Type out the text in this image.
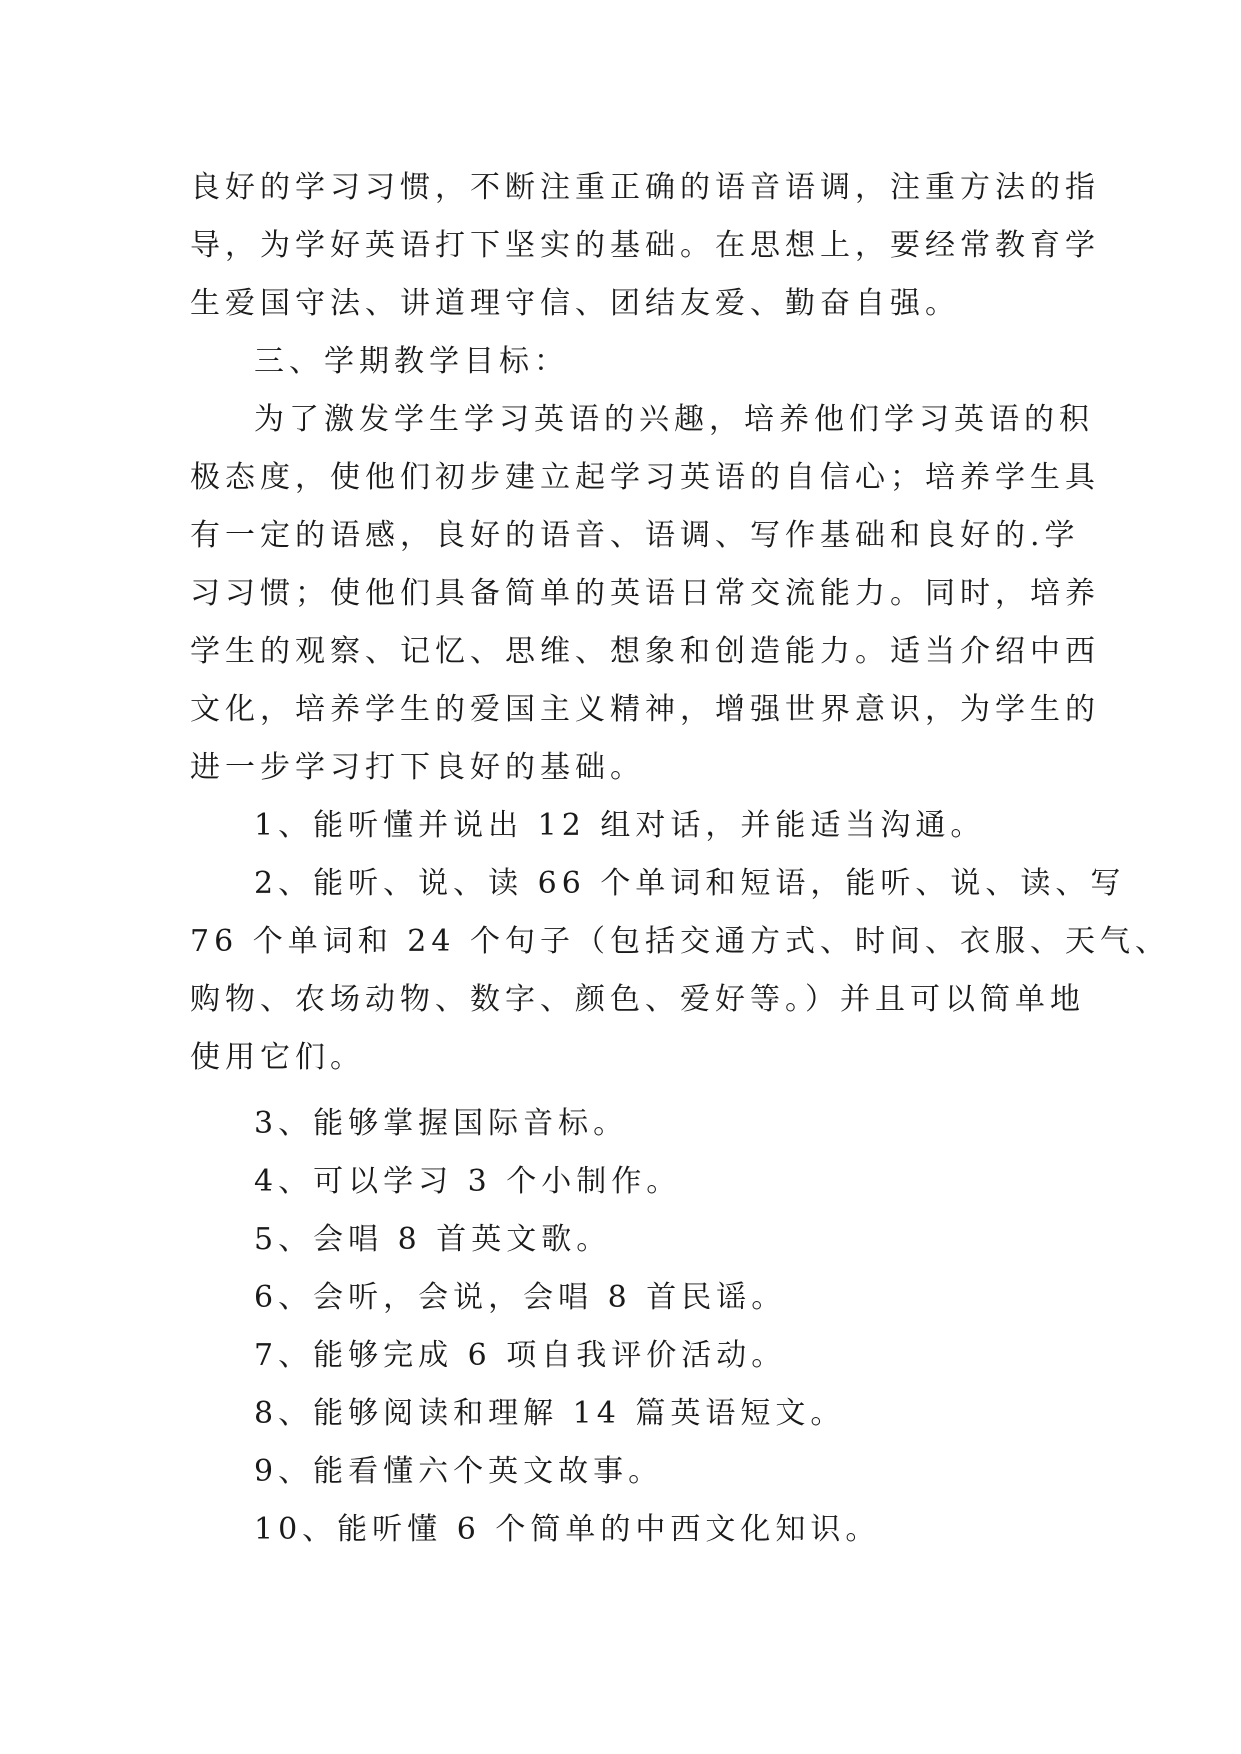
良好的学习习惯，不断注重正确的语音语调，注重方法的指

导，为学好英语打下坚实的基础。在思想上，要经常教育学

生爱国守法、讲道理守信、团结友爱、勤奋自强。

三、学期教学目标：

为了激发学生学习英语的兴趣，培养他们学习英语的积

极态度，使他们初步建立起学习英语的自信心；培养学生具

有一定的语感，良好的语音、语调、写作基础和良好的.学

习习惯；使他们具备简单的英语日常交流能力。同时，培养

学生的观察、记忆、思维、想象和创造能力。适当介绍中西

文化，培养学生的爱国主义精神，增强世界意识，为学生的

进一步学习打下良好的基础。

1、能听懂并说出 12 组对话，并能适当沟通。

2、能听、说、读 66 个单词和短语，能听、说、读、写

76 个单词和 24 个句子（包括交通方式、时间、衣服、天气、

购物、农场动物、数字、颜色、爱好等。）并且可以简单地

使用它们。

3、能够掌握国际音标。

4、可以学习 3 个小制作。

5、会唱 8 首英文歌。

6、会听，会说，会唱 8 首民谣。

7、能够完成 6 项自我评价活动。

8、能够阅读和理解 14 篇英语短文。

9、能看懂六个英文故事。

10、能听懂 6 个简单的中西文化知识。
